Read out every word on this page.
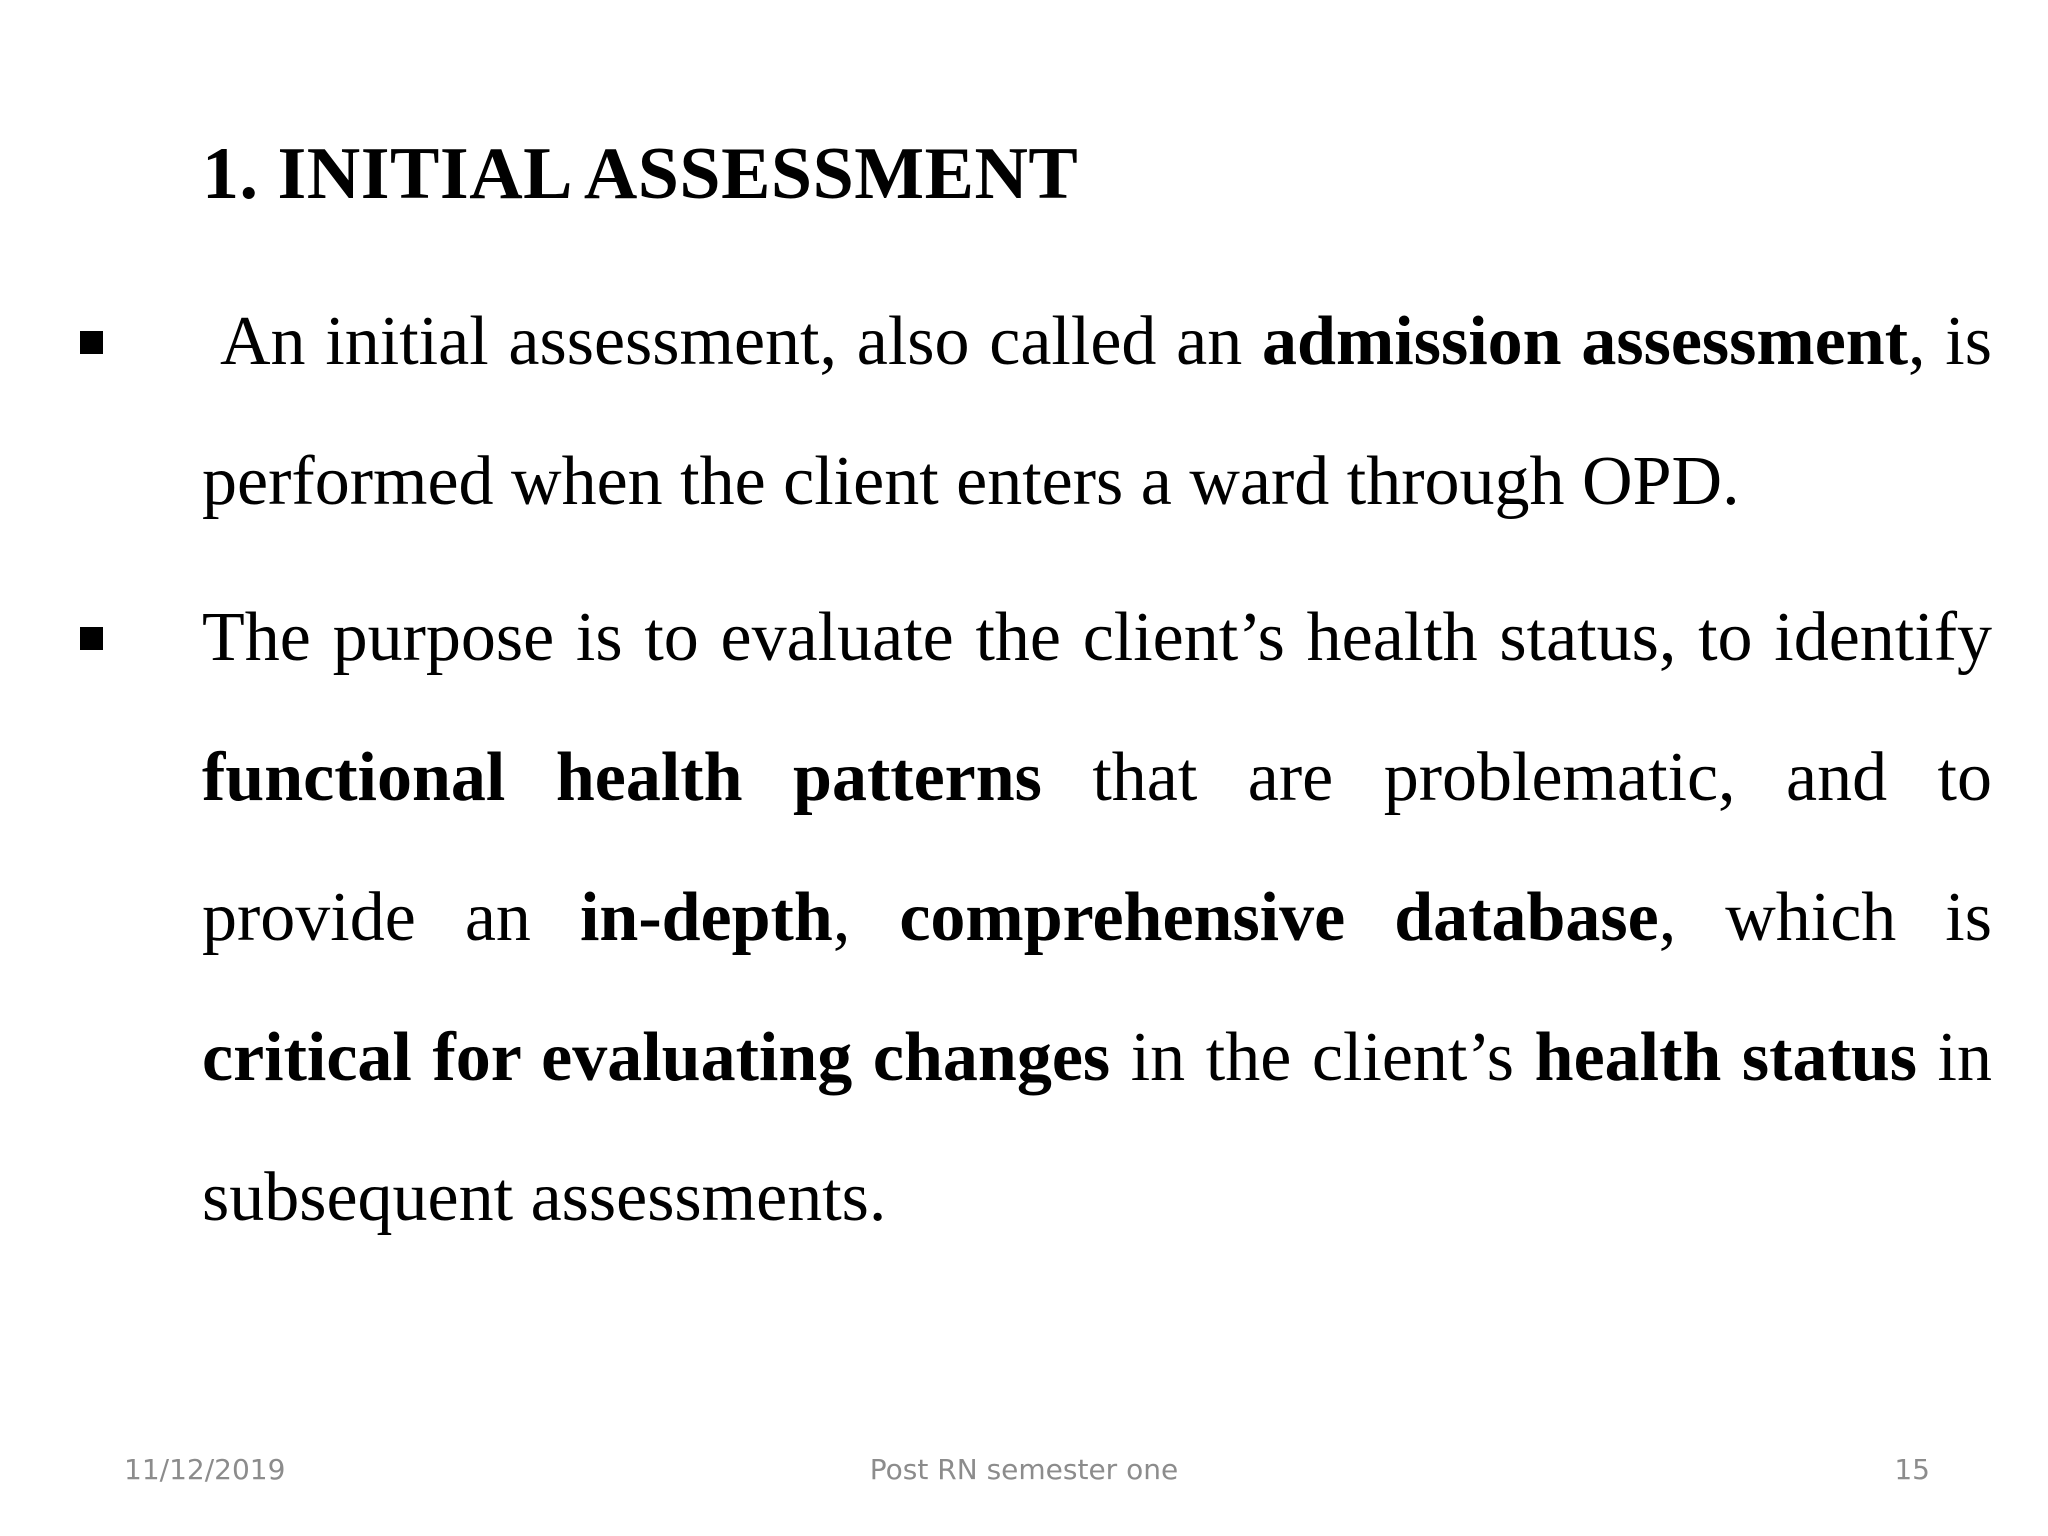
1. INITIAL ASSESSMENT
An initial assessment, also called an admission assessment, is performed when the client enters a ward through OPD.
The purpose is to evaluate the client’s health status, to identify functional health patterns that are problematic, and to provide an in-depth, comprehensive database, which is critical for evaluating changes in the client’s health status in subsequent assessments.
11/12/2019	Post RN semester one	15
